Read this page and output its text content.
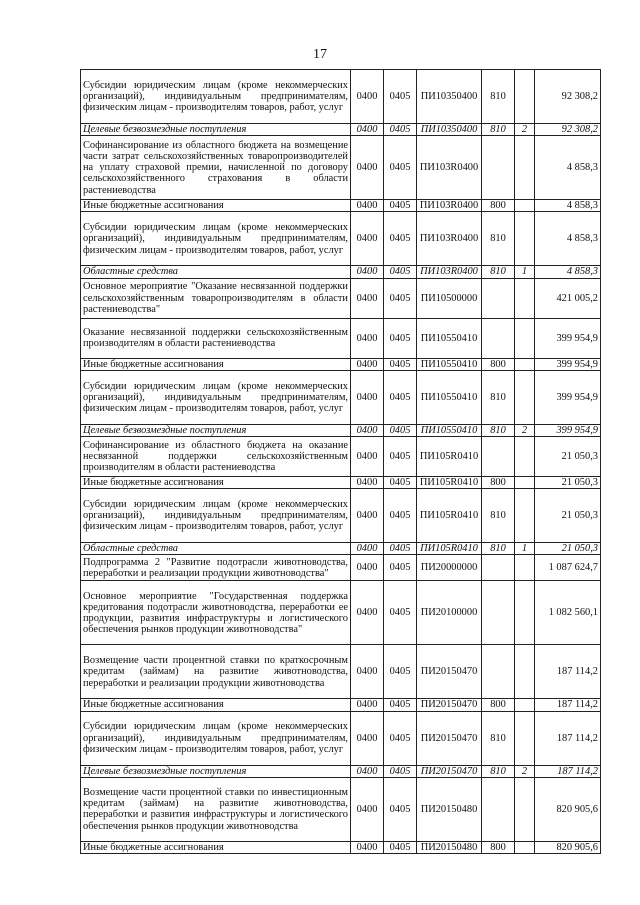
17
Субсидии юридическим лицам (кроме некоммерческих организаций), индивидуальным предпринимателям, физическим лицам - производителям товаров, работ, услуг	0400	0405	ПИ10350400	810		92 308,2
Целевые безвозмездные поступления	0400	0405	ПИ10350400	810	2	92 308,2
Софинансирование из областного бюджета на возмещение части затрат сельскохозяйственных товаропроизводителей на уплату страховой премии, начисленной по договору сельскохозяйственного страхования в области растениеводства	0400	0405	ПИ103R0400			4 858,3
Иные бюджетные ассигнования	0400	0405	ПИ103R0400	800		4 858,3
Субсидии юридическим лицам (кроме некоммерческих организаций), индивидуальным предпринимателям, физическим лицам - производителям товаров, работ, услуг	0400	0405	ПИ103R0400	810		4 858,3
Областные средства	0400	0405	ПИ103R0400	810	1	4 858,3
Основное мероприятие "Оказание несвязанной поддержки сельскохозяйственным товаропроизводителям в области растениеводства"	0400	0405	ПИ10500000			421 005,2
Оказание несвязанной поддержки сельскохозяйственным производителям в области растениеводства	0400	0405	ПИ10550410			399 954,9
Иные бюджетные ассигнования	0400	0405	ПИ10550410	800		399 954,9
Субсидии юридическим лицам (кроме некоммерческих организаций), индивидуальным предпринимателям, физическим лицам - производителям товаров, работ, услуг	0400	0405	ПИ10550410	810		399 954,9
Целевые безвозмездные поступления	0400	0405	ПИ10550410	810	2	399 954,9
Софинансирование из областного бюджета на оказание несвязанной поддержки сельскохозяйственным производителям в области растениеводства	0400	0405	ПИ105R0410			21 050,3
Иные бюджетные ассигнования	0400	0405	ПИ105R0410	800		21 050,3
Субсидии юридическим лицам (кроме некоммерческих организаций), индивидуальным предпринимателям, физическим лицам - производителям товаров, работ, услуг	0400	0405	ПИ105R0410	810		21 050,3
Областные средства	0400	0405	ПИ105R0410	810	1	21 050,3
Подпрограмма 2 "Развитие подотрасли животноводства, переработки и реализации продукции животноводства"	0400	0405	ПИ20000000			1 087 624,7
Основное мероприятие "Государственная поддержка кредитования подотрасли животноводства, переработки ее продукции, развития инфраструктуры и логистического обеспечения рынков продукции животноводства"	0400	0405	ПИ20100000			1 082 560,1
Возмещение части процентной ставки по краткосрочным кредитам (займам) на развитие животноводства, переработки и реализации продукции животноводства	0400	0405	ПИ20150470			187 114,2
Иные бюджетные ассигнования	0400	0405	ПИ20150470	800		187 114,2
Субсидии юридическим лицам (кроме некоммерческих организаций), индивидуальным предпринимателям, физическим лицам - производителям товаров, работ, услуг	0400	0405	ПИ20150470	810		187 114,2
Целевые безвозмездные поступления	0400	0405	ПИ20150470	810	2	187 114,2
Возмещение части процентной ставки по инвестиционным кредитам (займам) на развитие животноводства, переработки и развития инфраструктуры и логистического обеспечения рынков продукции животноводства	0400	0405	ПИ20150480			820 905,6
Иные бюджетные ассигнования	0400	0405	ПИ20150480	800		820 905,6
